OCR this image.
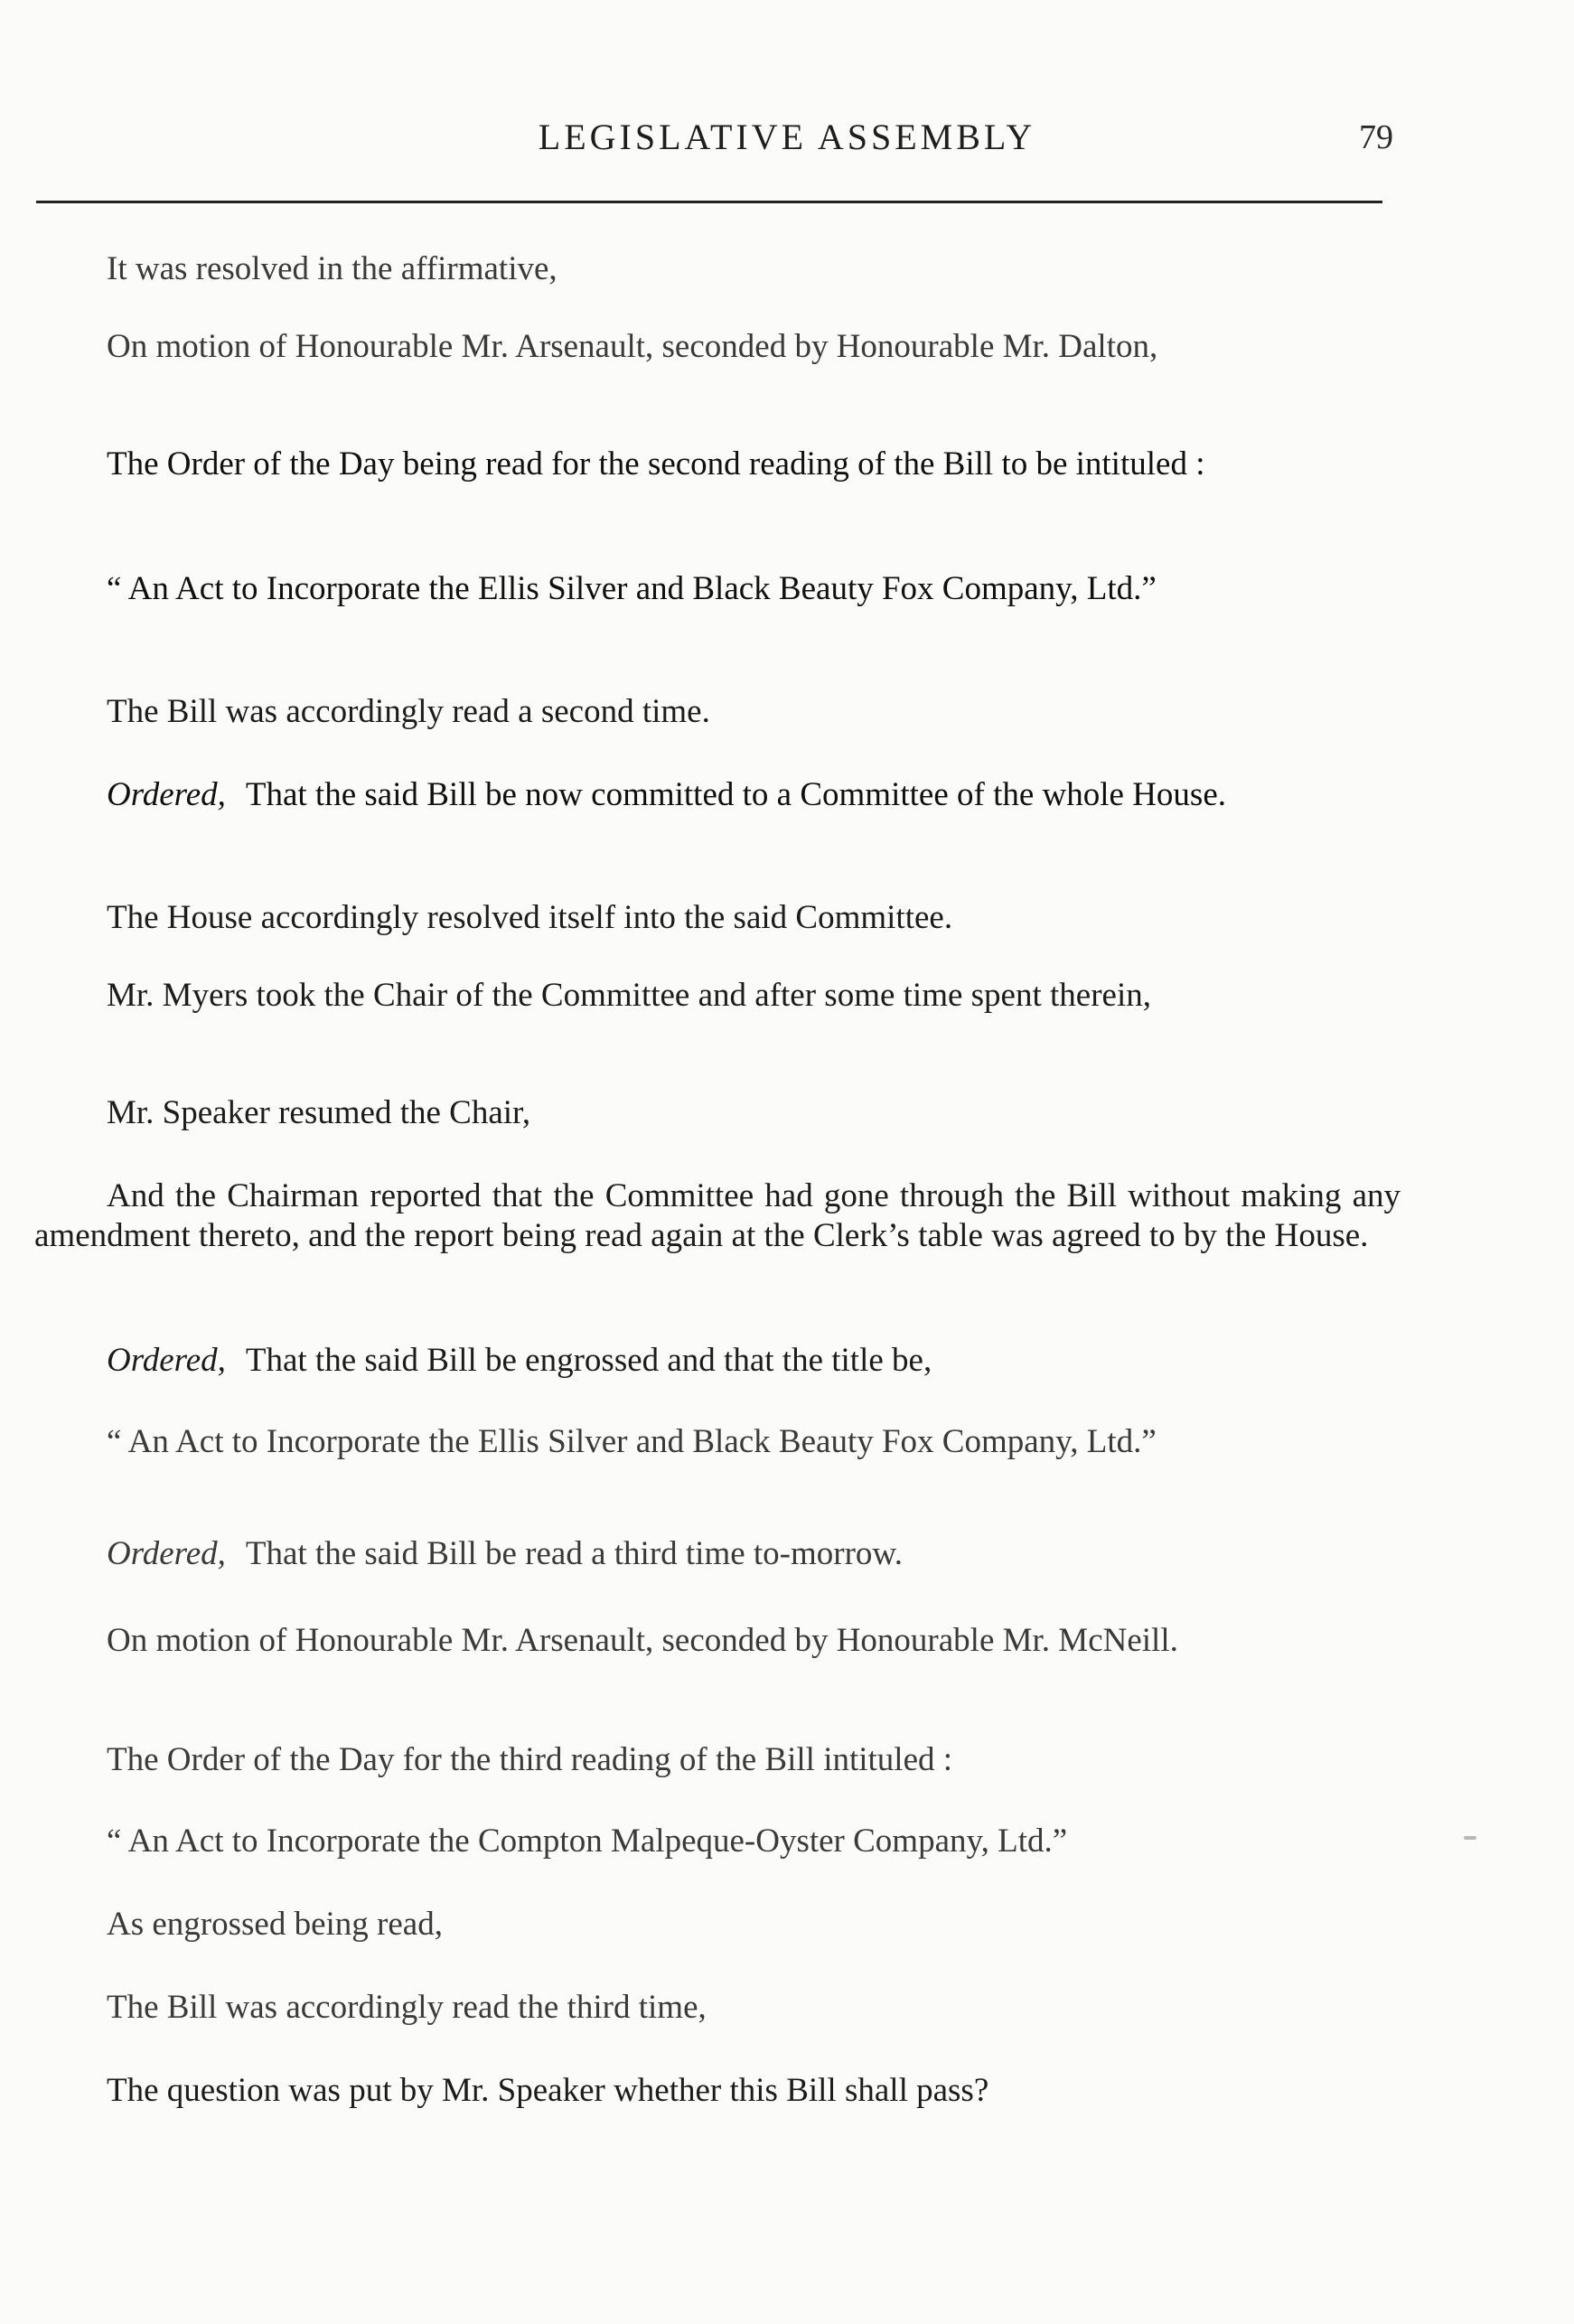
LEGISLATIVE ASSEMBLY	79

It was resolved in the affirmative,

On motion of Honourable Mr. Arsenault, seconded by Honourable Mr. Dalton,

The Order of the Day being read for the second reading of the Bill to be intituled :

“ An Act to Incorporate the Ellis Silver and Black Beauty Fox Company, Ltd.”

The Bill was accordingly read a second time.

Ordered, That the said Bill be now committed to a Committee of the whole House.

The House accordingly resolved itself into the said Committee.

Mr. Myers took the Chair of the Committee and after some time spent therein,

Mr. Speaker resumed the Chair,

And the Chairman reported that the Committee had gone through the Bill without making any amendment thereto, and the report being read again at the Clerk’s table was agreed to by the House.

Ordered, That the said Bill be engrossed and that the title be,

“ An Act to Incorporate the Ellis Silver and Black Beauty Fox Company, Ltd.”

Ordered, That the said Bill be read a third time to-morrow.

On motion of Honourable Mr. Arsenault, seconded by Honourable Mr. McNeill.

The Order of the Day for the third reading of the Bill intituled :

“ An Act to Incorporate the Compton Malpeque-Oyster Company, Ltd.”

As engrossed being read,

The Bill was accordingly read the third time,

The question was put by Mr. Speaker whether this Bill shall pass?
